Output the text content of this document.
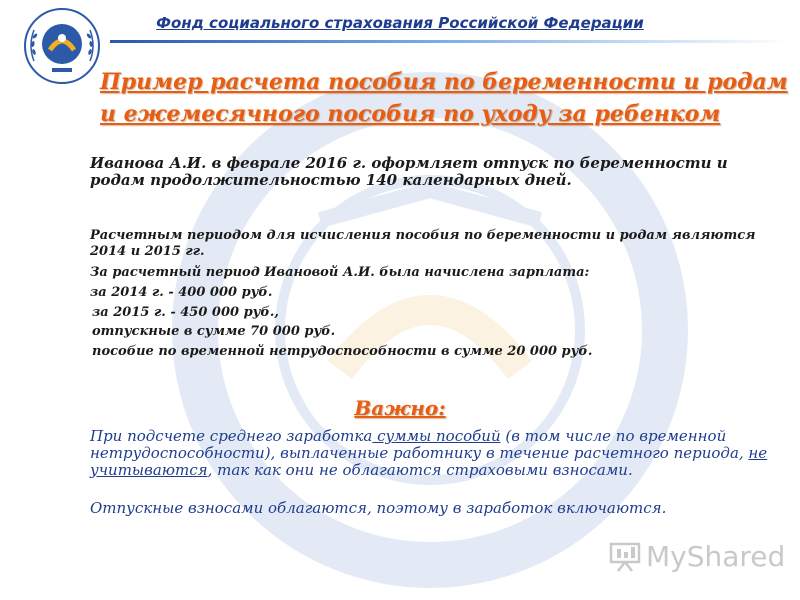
Фонд социального страхования Российской Федерации
Пример расчета пособия по беременности и родам
и ежемесячного пособия по уходу за ребенком
Иванова А.И. в феврале 2016 г. оформляет отпуск по беременности и родам продолжительностью 140 календарных дней.
Расчетным периодом для исчисления пособия по беременности и родам являются 2014 и 2015 гг.
За расчетный период Ивановой А.И. была начислена зарплата:
за 2014 г. - 400 000 руб.
за 2015 г. - 450 000 руб.,
отпускные в сумме 70 000 руб.
пособие по временной нетрудоспособности в сумме 20 000 руб.
Важно:
При подсчете среднего заработка суммы пособий (в том числе по временной нетрудоспособности), выплаченные работнику в течение расчетного периода, не учитываются, так как они не облагаются страховыми взносами.
Отпускные взносами облагаются, поэтому в заработок включаются.
MyShared
